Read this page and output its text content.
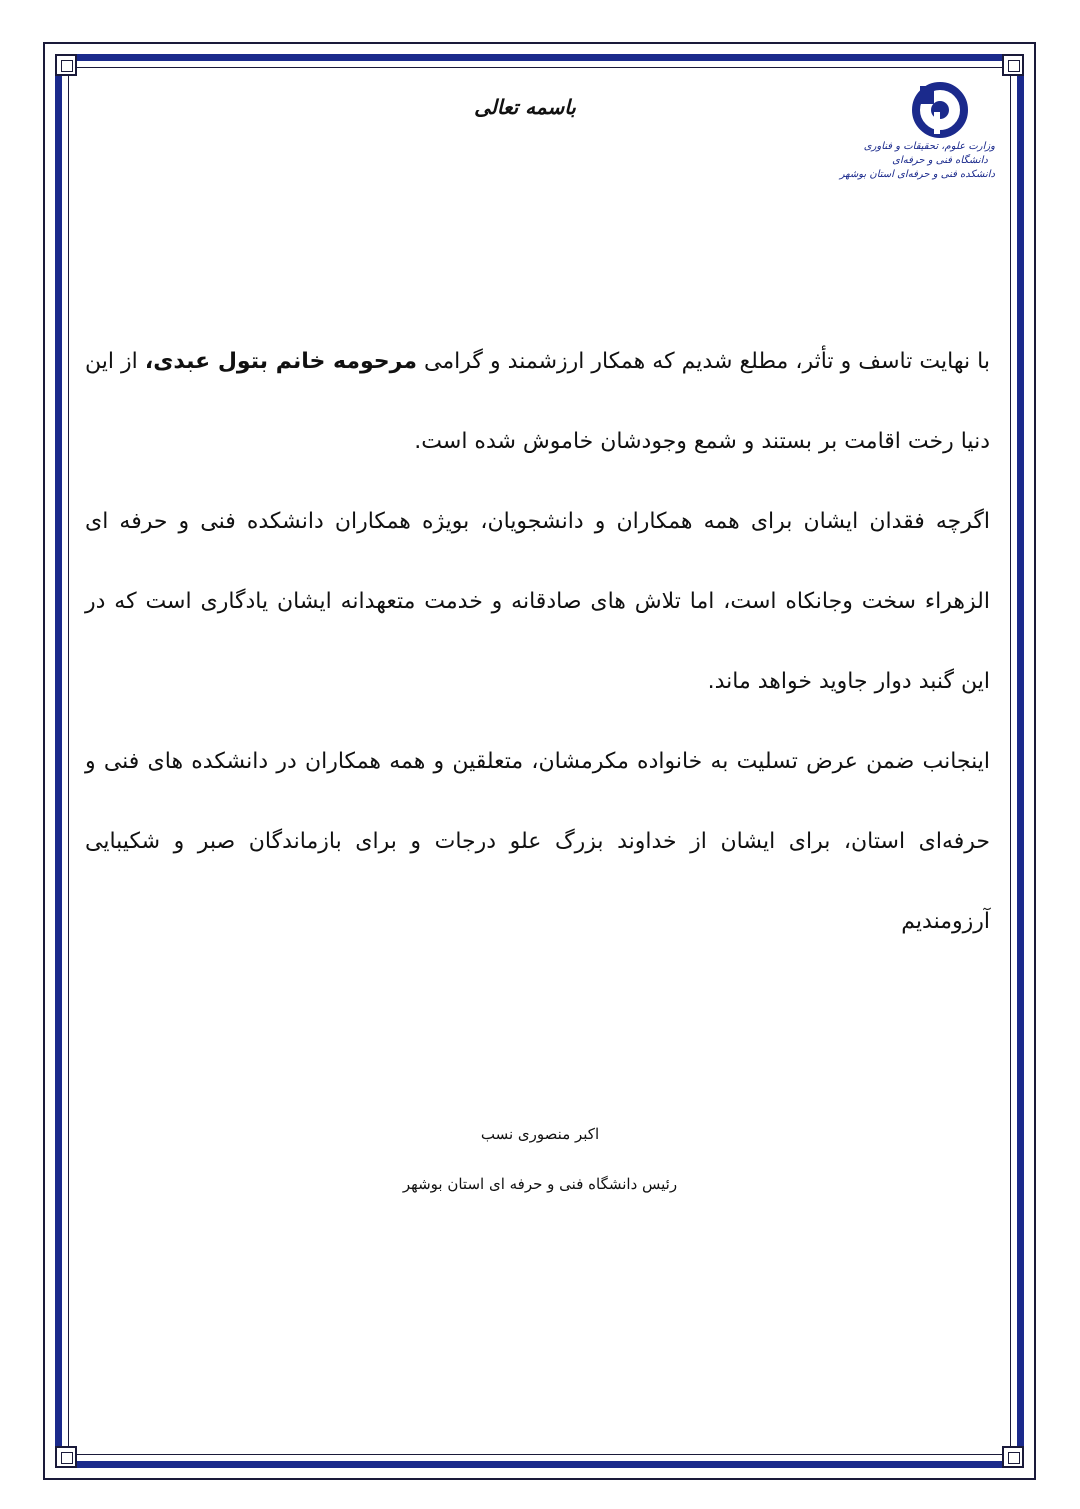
باسمه تعالی
وزارت علوم، تحقیقات و فناوری
دانشگاه فنی و حرفه‌ای
دانشکده فنی و حرفه‌ای استان بوشهر

با نهایت تاسف و تأثر، مطلع شدیم که همکار ارزشمند و گرامی مرحومه خانم بتول عبدی، از این دنیا رخت اقامت بر بستند و شمع وجودشان خاموش شده است.

اگرچه فقدان ایشان برای همه همکاران و دانشجویان، بویژه همکاران دانشکده فنی و حرفه ای الزهراء سخت وجانکاه است، اما تلاش های صادقانه و خدمت متعهدانه ایشان یادگاری است که در این گنبد دوار جاوید خواهد ماند.

اینجانب ضمن عرض تسلیت به خانواده مکرمشان، متعلقین و همه همکاران در دانشکده های فنی و حرفه‌ای استان، برای ایشان از خداوند بزرگ علو درجات و برای بازماندگان صبر و شکیبایی آرزومندیم

اکبر منصوری نسب
رئیس دانشگاه فنی و حرفه ای استان بوشهر
